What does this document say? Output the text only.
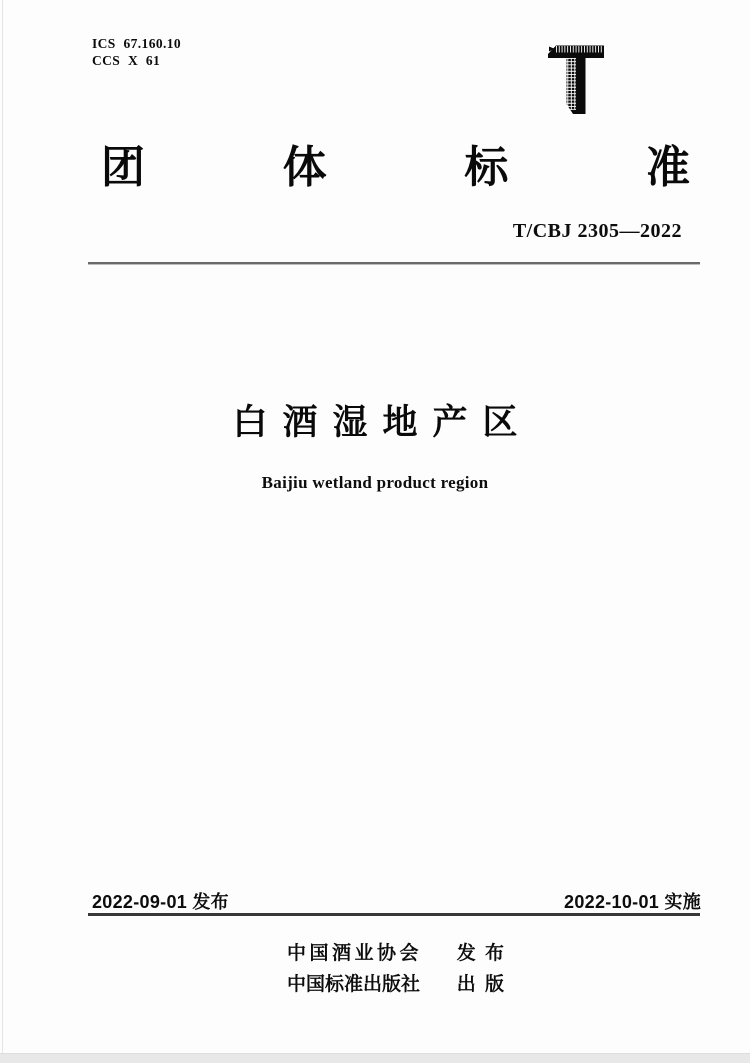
ICS 67.160.10
CCS X 61
团	体	标	准
T/CBJ 2305—2022
白酒湿地产区
Baijiu wetland product region
2022-09-01 发布	2022-10-01 实施
中国酒业协会 发 布
中国标准出版社 出 版
